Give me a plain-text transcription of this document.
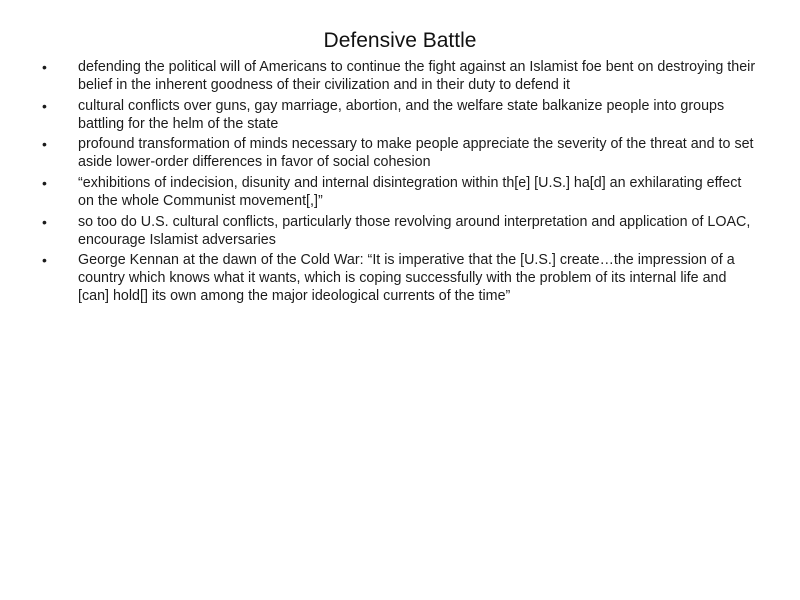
Defensive Battle
• defending the political will of Americans to continue the fight against an Islamist foe bent on destroying their belief in the inherent goodness of their civilization and in their duty to defend it
• cultural conflicts over guns, gay marriage, abortion, and the welfare state balkanize people into groups battling for the helm of the state
• profound transformation of minds necessary to make people appreciate the severity of the threat and to set aside lower-order differences in favor of social cohesion
• “exhibitions of indecision, disunity and internal disintegration within th[e] [U.S.] ha[d] an exhilarating effect on the whole Communist movement[,]”
• so too do U.S. cultural conflicts, particularly those revolving around interpretation and application of LOAC, encourage Islamist adversaries
• George Kennan at the dawn of the Cold War: “It is imperative that the [U.S.] create…the impression of a country which knows what it wants, which is coping successfully with the problem of its internal life and [can] hold[] its own among the major ideological currents of the time”
